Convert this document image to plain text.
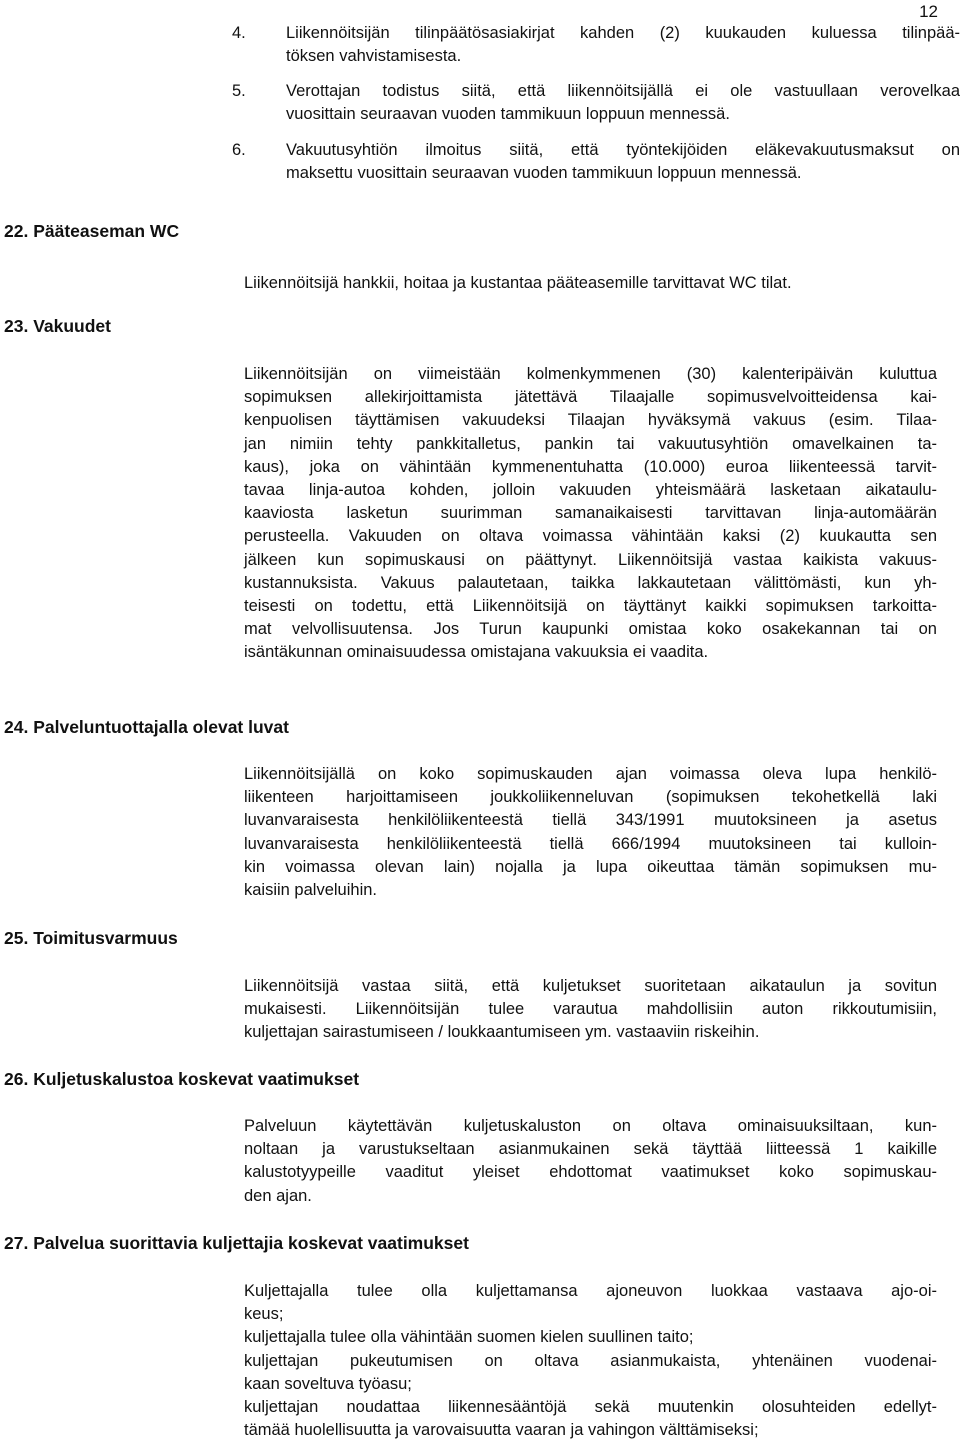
12
4. Liikennöitsijän tilinpäätösasiakirjat kahden (2) kuukauden kuluessa tilinpää-
töksen vahvistamisesta.
5. Verottajan todistus siitä, että liikennöitsijällä ei ole vastuullaan verovelkaa
vuosittain seuraavan vuoden tammikuun loppuun mennessä.
6. Vakuutusyhtiön ilmoitus siitä, että työntekijöiden eläkevakuutusmaksut on
maksettu vuosittain seuraavan vuoden tammikuun loppuun mennessä.
22. Pääteaseman WC
Liikennöitsijä hankkii, hoitaa ja kustantaa pääteasemille tarvittavat WC tilat.
23. Vakuudet
Liikennöitsijän on viimeistään kolmenkymmenen (30) kalenteripäivän kuluttua
sopimuksen allekirjoittamista jätettävä Tilaajalle sopimusvelvoitteidensa kai-
kenpuolisen täyttämisen vakuudeksi Tilaajan hyväksymä vakuus (esim. Tilaa-
jan nimiin tehty pankkitalletus, pankin tai vakuutusyhtiön omavelkainen ta-
kaus), joka on vähintään kymmenentuhatta (10.000) euroa liikenteessä tarvit-
tavaa linja-autoa kohden, jolloin vakuuden yhteismäärä lasketaan aikataulu-
kaaviosta lasketun suurimman samanaikaisesti tarvittavan linja-automäärän
perusteella. Vakuuden on oltava voimassa vähintään kaksi (2) kuukautta sen
jälkeen kun sopimuskausi on päättynyt. Liikennöitsijä vastaa kaikista vakuus-
kustannuksista. Vakuus palautetaan, taikka lakkautetaan välittömästi, kun yh-
teisesti on todettu, että Liikennöitsijä on täyttänyt kaikki sopimuksen tarkoitta-
mat velvollisuutensa. Jos Turun kaupunki omistaa koko osakekannan tai on
isäntäkunnan ominaisuudessa omistajana vakuuksia ei vaadita.
24. Palveluntuottajalla olevat luvat
Liikennöitsijällä on koko sopimuskauden ajan voimassa oleva lupa henkilö-
liikenteen harjoittamiseen joukkoliikenneluvan (sopimuksen tekohetkellä laki
luvanvaraisesta henkilöliikenteestä tiellä 343/1991 muutoksineen ja asetus
luvanvaraisesta henkilöliikenteestä tiellä 666/1994 muutoksineen tai kulloin-
kin voimassa olevan lain) nojalla ja lupa oikeuttaa tämän sopimuksen mu-
kaisiin palveluihin.
25. Toimitusvarmuus
Liikennöitsijä vastaa siitä, että kuljetukset suoritetaan aikataulun ja sovitun
mukaisesti. Liikennöitsijän tulee varautua mahdollisiin auton rikkoutumisiin,
kuljettajan sairastumiseen / loukkaantumiseen ym. vastaaviin riskeihin.
26. Kuljetuskalustoa koskevat vaatimukset
Palveluun käytettävän kuljetuskaluston on oltava ominaisuuksiltaan, kun-
noltaan ja varustukseltaan asianmukainen sekä täyttää liitteessä 1 kaikille
kalustotyypeille vaaditut yleiset ehdottomat vaatimukset koko sopimuskau-
den ajan.
27. Palvelua suorittavia kuljettajia koskevat vaatimukset
Kuljettajalla tulee olla kuljettamansa ajoneuvon luokkaa vastaava ajo-oi-
keus;
kuljettajalla tulee olla vähintään suomen kielen suullinen taito;
kuljettajan pukeutumisen on oltava asianmukaista, yhtenäinen vuodenai-
kaan soveltuva työasu;
kuljettajan noudattaa liikennesääntöjä sekä muutenkin olosuhteiden edellyt-
tämää huolellisuutta ja varovaisuutta vaaran ja vahingon välttämiseksi;
